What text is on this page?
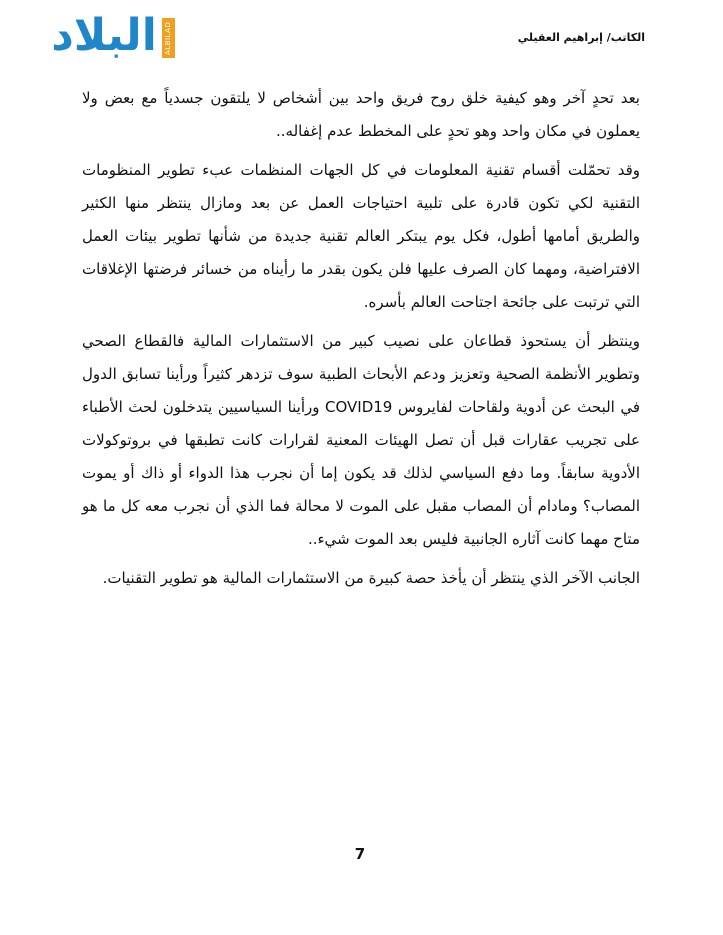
البلاد	ALBILAD TV	الكاتب/ إبراهيم العقيلي

بعد تحدٍ آخر وهو كيفية خلق روح فريق واحد بين أشخاص لا يلتقون جسدياً مع بعض ولا يعملون في مكان واحد وهو تحدٍ على المخطط عدم إغفاله..

وقد تحمّلت أقسام تقنية المعلومات في كل الجهات المنظمات عبء تطوير المنظومات التقنية لكي تكون قادرة على تلبية احتياجات العمل عن بعد ومازال ينتظر منها الكثير والطريق أمامها أطول، فكل يوم يبتكر العالم تقنية جديدة من شأنها تطوير بيئات العمل الافتراضية، ومهما كان الصرف عليها فلن يكون بقدر ما رأيناه من خسائر فرضتها الإغلاقات التي ترتبت على جائحة اجتاحت العالم بأسره.

وينتظر أن يستحوذ قطاعان على نصيب كبير من الاستثمارات المالية فالقطاع الصحي وتطوير الأنظمة الصحية وتعزيز ودعم الأبحاث الطبية سوف تزدهر كثيراً ورأينا تسابق الدول في البحث عن أدوية ولقاحات لفايروس COVID19 ورأينا السياسيين يتدخلون لحث الأطباء على تجريب عقارات قبل أن تصل الهيئات المعنية لقرارات كانت تطبقها في بروتوكولات الأدوية سابقاً. وما دفع السياسي لذلك قد يكون إما أن نجرب هذا الدواء أو ذاك أو يموت المصاب؟ ومادام أن المصاب مقبل على الموت لا محالة فما الذي أن نجرب معه كل ما هو متاح مهما كانت آثاره الجانبية فليس بعد الموت شيء..

الجانب الآخر الذي ينتظر أن يأخذ حصة كبيرة من الاستثمارات المالية هو تطوير التقنيات.

7
